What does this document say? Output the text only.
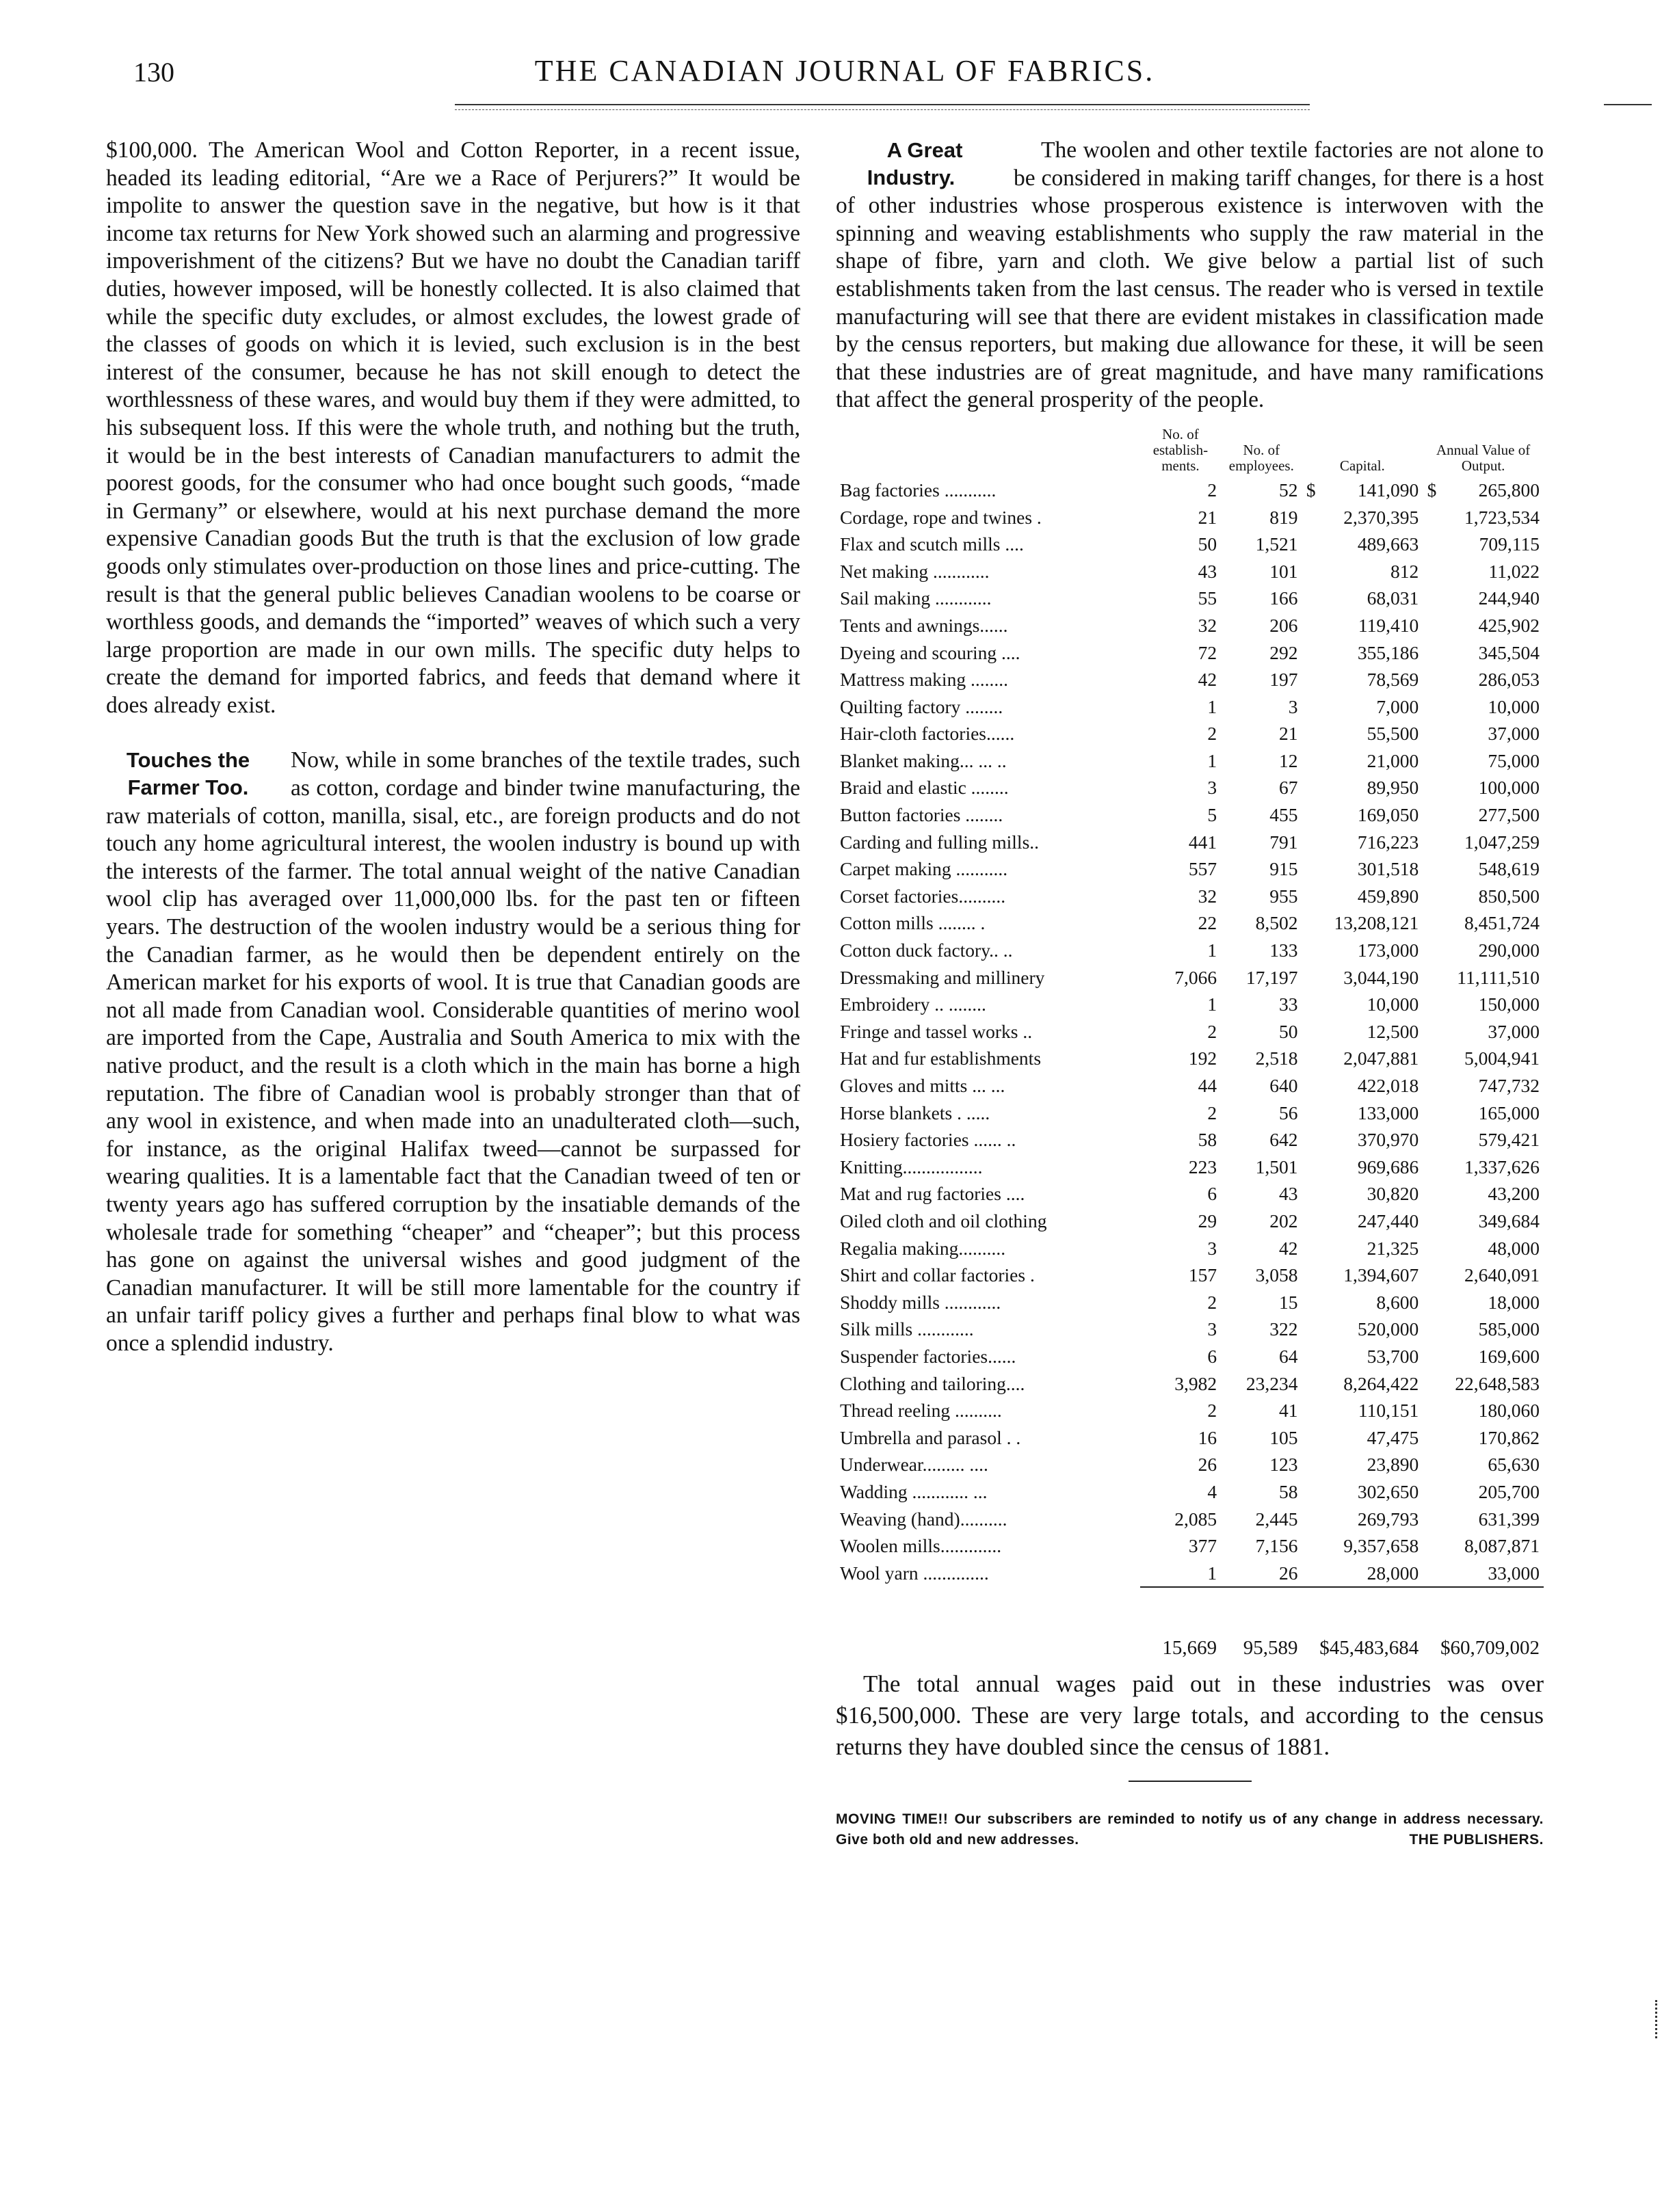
130	THE CANADIAN JOURNAL OF FABRICS.

$100,000. The American Wool and Cotton Reporter, in a recent issue, headed its leading editorial, “Are we a Race of Perjurers?” It would be impolite to answer the question save in the negative, but how is it that income tax returns for New York showed such an alarming and progressive impoverishment of the citizens? But we have no doubt the Canadian tariff duties, however imposed, will be honestly collected. It is also claimed that while the specific duty excludes, or almost excludes, the lowest grade of the classes of goods on which it is levied, such exclusion is in the best interest of the consumer, because he has not skill enough to detect the worthlessness of these wares, and would buy them if they were admitted, to his subsequent loss. If this were the whole truth, and nothing but the truth, it would be in the best interests of Canadian manufacturers to admit the poorest goods, for the consumer who had once bought such goods, “made in Germany” or elsewhere, would at his next purchase demand the more expensive Canadian goods But the truth is that the exclusion of low grade goods only stimulates over-production on those lines and price-cutting. The result is that the general public believes Canadian woolens to be coarse or worthless goods, and demands the “imported” weaves of which such a very large proportion are made in our own mills. The specific duty helps to create the demand for imported fabrics, and feeds that demand where it does already exist.

Touches the Farmer Too.
Now, while in some branches of the textile trades, such as cotton, cordage and binder twine manufacturing, the raw materials of cotton, manilla, sisal, etc., are foreign products and do not touch any home agricultural interest, the woolen industry is bound up with the interests of the farmer. The total annual weight of the native Canadian wool clip has averaged over 11,000,000 lbs. for the past ten or fifteen years. The destruction of the woolen industry would be a serious thing for the Canadian farmer, as he would then be dependent entirely on the American market for his exports of wool. It is true that Canadian goods are not all made from Canadian wool. Considerable quantities of merino wool are imported from the Cape, Australia and South America to mix with the native product, and the result is a cloth which in the main has borne a high reputation. The fibre of Canadian wool is probably stronger than that of any wool in existence, and when made into an unadulterated cloth—such, for instance, as the original Halifax tweed—cannot be surpassed for wearing qualities. It is a lamentable fact that the Canadian tweed of ten or twenty years ago has suffered corruption by the insatiable demands of the wholesale trade for something “cheaper” and “cheaper”; but this process has gone on against the universal wishes and good judgment of the Canadian manufacturer. It will be still more lamentable for the country if an unfair tariff policy gives a further and perhaps final blow to what was once a splendid industry.

A Great Industry.
The woolen and other textile factories are not alone to be considered in making tariff changes, for there is a host of other industries whose prosperous existence is interwoven with the spinning and weaving establishments who supply the raw material in the shape of fibre, yarn and cloth. We give below a partial list of such establishments taken from the last census. The reader who is versed in textile manufacturing will see that there are evident mistakes in classification made by the census reporters, but making due allowance for these, it will be seen that these industries are of great magnitude, and have many ramifications that affect the general prosperity of the people.

	No. of establish-ments.	No. of employees.	Capital.		Annual Value of Output.	
Bag factories ...........	2	52	$	141,090	$	265,800
Cordage, rope and twines .	21	819		2,370,395		1,723,534
Flax and scutch mills ....	50	1,521		489,663		709,115
Net making ............	43	101		812		11,022
Sail making ............	55	166		68,031		244,940
Tents and awnings......	32	206		119,410		425,902
Dyeing and scouring ....	72	292		355,186		345,504
Mattress making ........	42	197		78,569		286,053
Quilting factory ........	1	3		7,000		10,000
Hair-cloth factories......	2	21		55,500		37,000
Blanket making... ... ..	1	12		21,000		75,000
Braid and elastic ........	3	67		89,950		100,000
Button factories ........	5	455		169,050		277,500
Carding and fulling mills..	441	791		716,223		1,047,259
Carpet making ...........	557	915		301,518		548,619
Corset factories..........	32	955		459,890		850,500
Cotton mills ........ .	22	8,502		13,208,121		8,451,724
Cotton duck factory.. ..	1	133		173,000		290,000
Dressmaking and millinery	7,066	17,197		3,044,190		11,111,510
Embroidery .. ........	1	33		10,000		150,000
Fringe and tassel works ..	2	50		12,500		37,000
Hat and fur establishments	192	2,518		2,047,881		5,004,941
Gloves and mitts ... ...	44	640		422,018		747,732
Horse blankets . .....	2	56		133,000		165,000
Hosiery factories ...... ..	58	642		370,970		579,421
Knitting.................	223	1,501		969,686		1,337,626
Mat and rug factories ....	6	43		30,820		43,200
Oiled cloth and oil clothing	29	202		247,440		349,684
Regalia making..........	3	42		21,325		48,000
Shirt and collar factories .	157	3,058		1,394,607		2,640,091
Shoddy mills ............	2	15		8,600		18,000
Silk mills ............	3	322		520,000		585,000
Suspender factories......	6	64		53,700		169,600
Clothing and tailoring....	3,982	23,234		8,264,422		22,648,583
Thread reeling ..........	2	41		110,151		180,060
Umbrella and parasol . .	16	105		47,475		170,862
Underwear......... ....	26	123		23,890		65,630
Wadding ............ ...	4	58		302,650		205,700
Weaving (hand)..........	2,085	2,445		269,793		631,399
Woolen mills.............	377	7,156		9,357,658		8,087,871
Wool yarn ..............	1	26		28,000		33,000

	15,669	95,589	$45,483,684		$60,709,002	

The total annual wages paid out in these industries was over $16,500,000. These are very large totals, and according to the census returns they have doubled since the census of 1881.

MOVING TIME!! Our subscribers are reminded to notify us of any change in address necessary. Give both old and new addresses.	THE PUBLISHERS.
